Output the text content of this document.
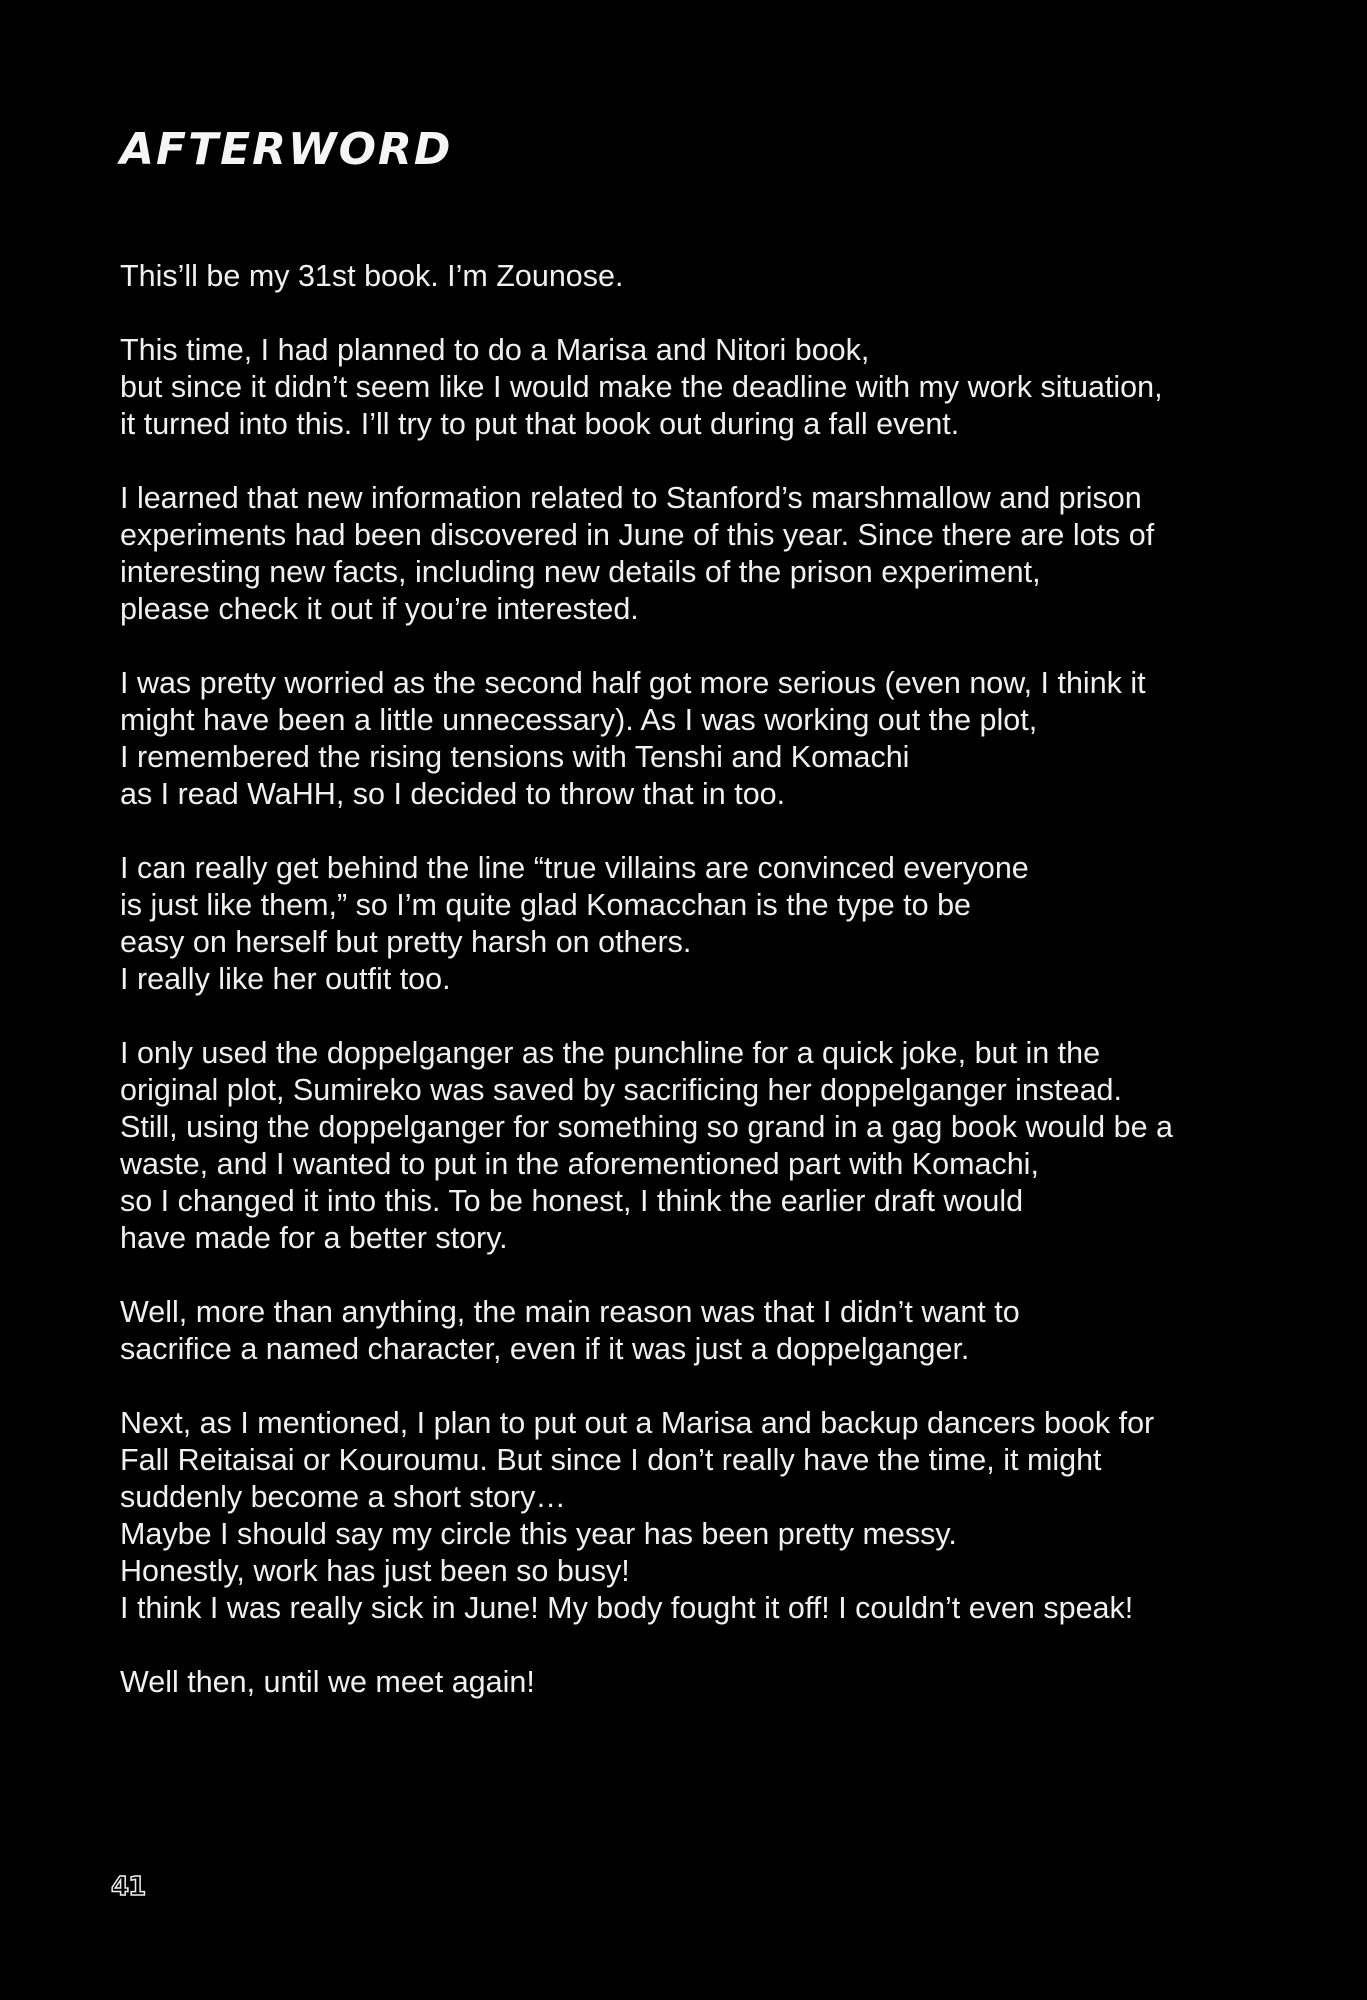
AFTERWORD

This’ll be my 31st book. I’m Zounose.

This time, I had planned to do a Marisa and Nitori book,
but since it didn’t seem like I would make the deadline with my work situation,
it turned into this. I’ll try to put that book out during a fall event.

I learned that new information related to Stanford’s marshmallow and prison
experiments had been discovered in June of this year. Since there are lots of
interesting new facts, including new details of the prison experiment,
please check it out if you’re interested.

I was pretty worried as the second half got more serious (even now, I think it
might have been a little unnecessary). As I was working out the plot,
I remembered the rising tensions with Tenshi and Komachi
as I read WaHH, so I decided to throw that in too.

I can really get behind the line “true villains are convinced everyone
is just like them,” so I’m quite glad Komacchan is the type to be
easy on herself but pretty harsh on others.
I really like her outfit too.

I only used the doppelganger as the punchline for a quick joke, but in the
original plot, Sumireko was saved by sacrificing her doppelganger instead.
Still, using the doppelganger for something so grand in a gag book would be a
waste, and I wanted to put in the aforementioned part with Komachi,
so I changed it into this. To be honest, I think the earlier draft would
have made for a better story.

Well, more than anything, the main reason was that I didn’t want to
sacrifice a named character, even if it was just a doppelganger.

Next, as I mentioned, I plan to put out a Marisa and backup dancers book for
Fall Reitaisai or Kouroumu. But since I don’t really have the time, it might
suddenly become a short story…
Maybe I should say my circle this year has been pretty messy.
Honestly, work has just been so busy!
I think I was really sick in June! My body fought it off! I couldn’t even speak!

Well then, until we meet again!

41
